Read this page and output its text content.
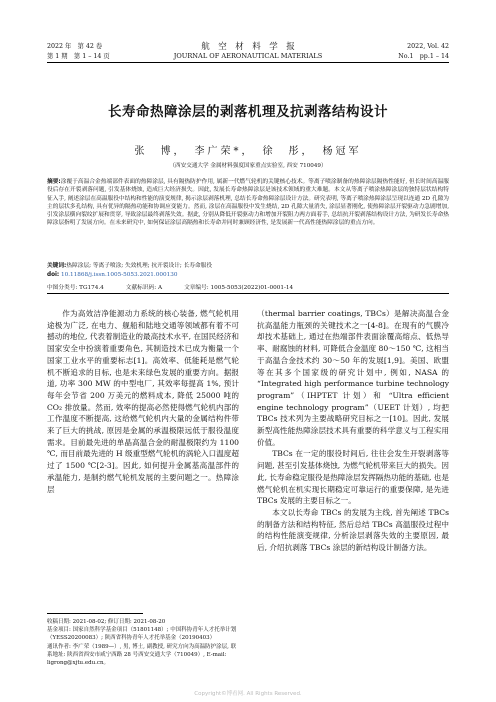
2022 年　第 42 卷
第 1 期　第 1 – 14 页
航　空　材　料　学　报
JOURNAL OF AERONAUTICAL MATERIALS
2022, Vol. 42
No.1　pp.1 – 14
长寿命热障涂层的剥落机理及抗剥落结构设计
张　博，　李广荣*，　徐　彤，　杨冠军
（西安交通大学 金属材料强度国家重点实验室, 西安 710049）

摘要:涂覆于高温合金热端部件表面的热障涂层, 具有隔热防护作用, 属新一代燃气轮机的关键核心技术。等离子喷涂制备的热障涂层隔热性能好, 但长时间高温服役后存在开裂剥落问题, 引发基体烧蚀, 造成巨大经济损失。因此, 发展长寿命热障涂层是该技术领域的重大难题。本文从等离子喷涂热障涂层的独特层状结构特征入手, 阐述涂层在高温服役中结构和性能的演变规律, 揭示涂层剥落机理, 总结长寿命热障涂层设计方法。研究表明, 等离子喷涂热障涂层呈现以连通 2D 孔隙为主的层状多孔结构, 具有优异的隔热功能和协调应变能力。然而, 涂层在高温服役中发生烧结, 2D 孔隙大量消失, 涂层显著刚化, 使热障涂层开裂驱动力急剧增加, 引发涂层横向裂纹扩展和贯穿, 导致涂层最终剥落失效。据此, 分别从降低开裂驱动力和增加开裂阻力两方面着手, 总结抗开裂剥落结构设计方法, 为研发长寿命热障涂层指明了发展方向。在未来研究中, 如何保证涂层高隔热和长寿命并同时兼顾经济性, 是发展新一代高性能热障涂层的重点方向。

关键词:热障涂层; 等离子喷涂; 失效机理; 抗开裂设计; 长寿命服役

doi: 10.11868/j.issn.1005-5053.2021.000130
中图分类号: TG174.4	文献标识码: A	文章编号: 1005-5053(2022)01-0001-14

作为高效洁净能源动力系统的核心装备, 燃气轮机用途极为广泛, 在电力、舰船和陆地交通等领域都有着不可撼动的地位, 代表着制造业的最高技术水平, 在国民经济和国家安全中扮演着重要角色, 其制造技术已成为衡量一个国家工业水平的重要标志[1]。高效率、低能耗是燃气轮机不断追求的目标, 也是未来绿色发展的重要方向。据报道, 功率 300 MW 的中型电厂, 其效率每提高 1%, 预计每年会节省 200 万美元的燃料成本, 降低 25000 吨的 CO₂ 排放量。然而, 效率的提高必然使得燃气轮机内部的工作温度不断提高, 这给燃气轮机内大量的金属结构件带来了巨大的挑战, 原因是金属的承温极限远低于服役温度需求。目前最先进的单晶高温合金的耐温极限约为 1100 ℃, 而目前最先进的 H 级重型燃气轮机的涡轮入口温度超过了 1500 ℃[2-3]。因此, 如何提升金属基高温部件的承温能力, 是制约燃气轮机发展的主要问题之一。热障涂层

（thermal barrier coatings, TBCs）是解决高温合金抗高温能力瓶颈的关键技术之一[4-8]。在现有的气膜冷却技术基础上, 通过在热端部件表面涂覆高熔点、低热导率、耐腐蚀的材料, 可降低合金温度 80～150 ℃, 这相当于高温合金技术约 30～50 年的发展[1,9]。美国、欧盟等在其多个国家级的研究计划中, 例如, NASA 的 “Integrated high performance turbine technology program”（IHPTET 计划）和 “Ultra efficient engine technology program”（UEET 计划）, 均把 TBCs 技术列为主要战略研究目标之一[10]。因此, 发展新型高性能热障涂层技术具有重要的科学意义与工程实用价值。

TBCs 在一定的服役时间后, 往往会发生开裂剥落等问题, 甚至引发基体烧蚀, 为燃气轮机带来巨大的损失。因此, 长寿命稳定服役是热障涂层发挥隔热功能的基础, 也是燃气轮机在机实现长期稳定可靠运行的重要保障, 是先进 TBCs 发展的主要目标之一。

本文以长寿命 TBCs 的发展为主线, 首先阐述 TBCs 的制备方法和结构特征, 然后总结 TBCs 高温服役过程中的结构性能演变规律, 分析涂层剥落失效的主要原因, 最后, 介绍抗剥落 TBCs 涂层的新结构设计制备方法。

收稿日期: 2021-08-02; 修订日期: 2021-08-20
基金项目: 国家自然科学基金项目（51801148）; 中国科协青年人才托举计划（YESS20200083）; 陕西省科协青年人才托举基金（20190403）
通讯作者: 李广荣（1989—）, 男, 博士, 副教授, 研究方向为高温防护涂层, 联系地址: 陕西省西安市咸宁西路 28 号西安交通大学（710049）, E-mail: ligrong@xjtu.edu.cn。
Copyright©博看网. All Rights Reserved.
